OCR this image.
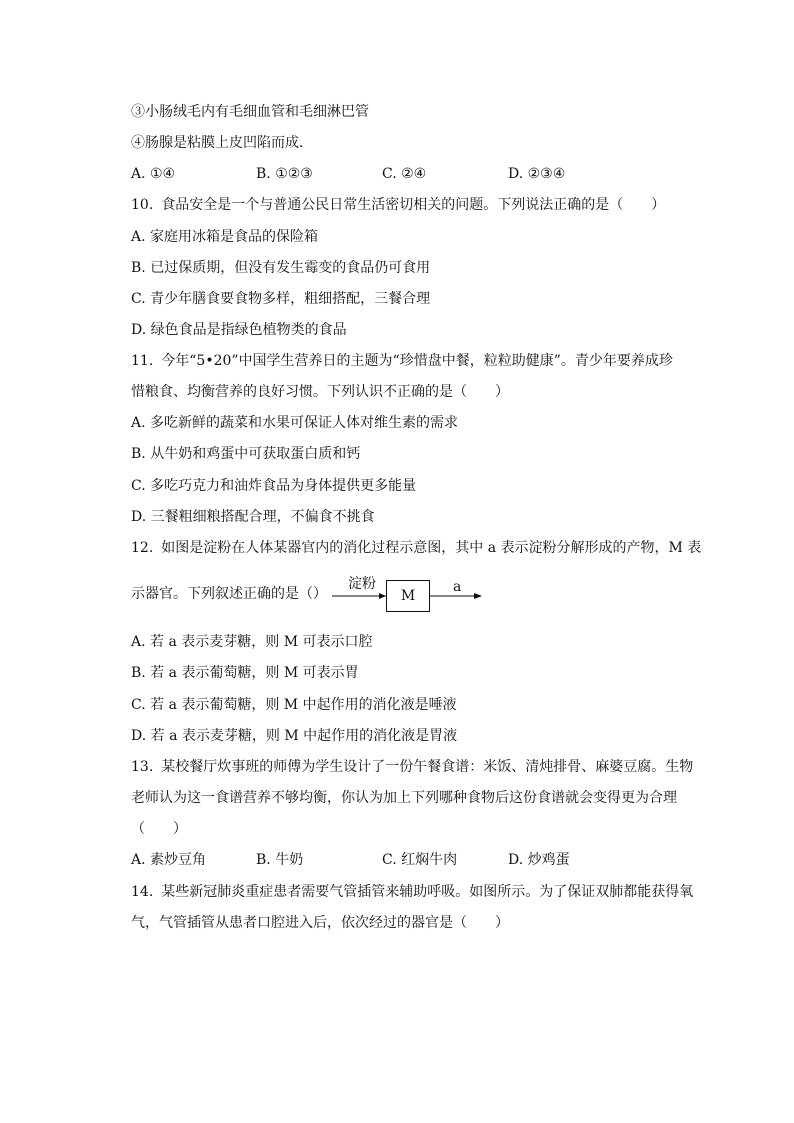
③小肠绒毛内有毛细血管和毛细淋巴管
④肠腺是粘膜上皮凹陷而成．
A. ①④	B. ①②③	C. ②④	D. ②③④
10. 食品安全是一个与普通公民日常生活密切相关的问题。下列说法正确的是（　　）
A. 家庭用冰箱是食品的保险箱
B. 已过保质期，但没有发生霉变的食品仍可食用
C. 青少年膳食要食物多样，粗细搭配，三餐合理
D. 绿色食品是指绿色植物类的食品
11. 今年“5•20”中国学生营养日的主题为“珍惜盘中餐，粒粒助健康”。青少年要养成珍
惜粮食、均衡营养的良好习惯。下列认识不正确的是（　　）
A. 多吃新鲜的蔬菜和水果可保证人体对维生素的需求
B. 从牛奶和鸡蛋中可获取蛋白质和钙
C. 多吃巧克力和油炸食品为身体提供更多能量
D. 三餐粗细粮搭配合理，不偏食不挑食
12. 如图是淀粉在人体某器官内的消化过程示意图，其中 a 表示淀粉分解形成的产物，M 表
示器官。下列叙述正确的是（）
淀粉
M
a
A. 若 a 表示麦芽糖，则 M 可表示口腔
B. 若 a 表示葡萄糖，则 M 可表示胃
C. 若 a 表示葡萄糖，则 M 中起作用的消化液是唾液
D. 若 a 表示麦芽糖，则 M 中起作用的消化液是胃液
13. 某校餐厅炊事班的师傅为学生设计了一份午餐食谱：米饭、清炖排骨、麻婆豆腐。生物
老师认为这一食谱营养不够均衡，你认为加上下列哪种食物后这份食谱就会变得更为合理
（　　）
A. 素炒豆角	B. 牛奶	C. 红焖牛肉	D. 炒鸡蛋
14. 某些新冠肺炎重症患者需要气管插管来辅助呼吸。如图所示。为了保证双肺都能获得氧
气，气管插管从患者口腔进入后，依次经过的器官是（　　）
